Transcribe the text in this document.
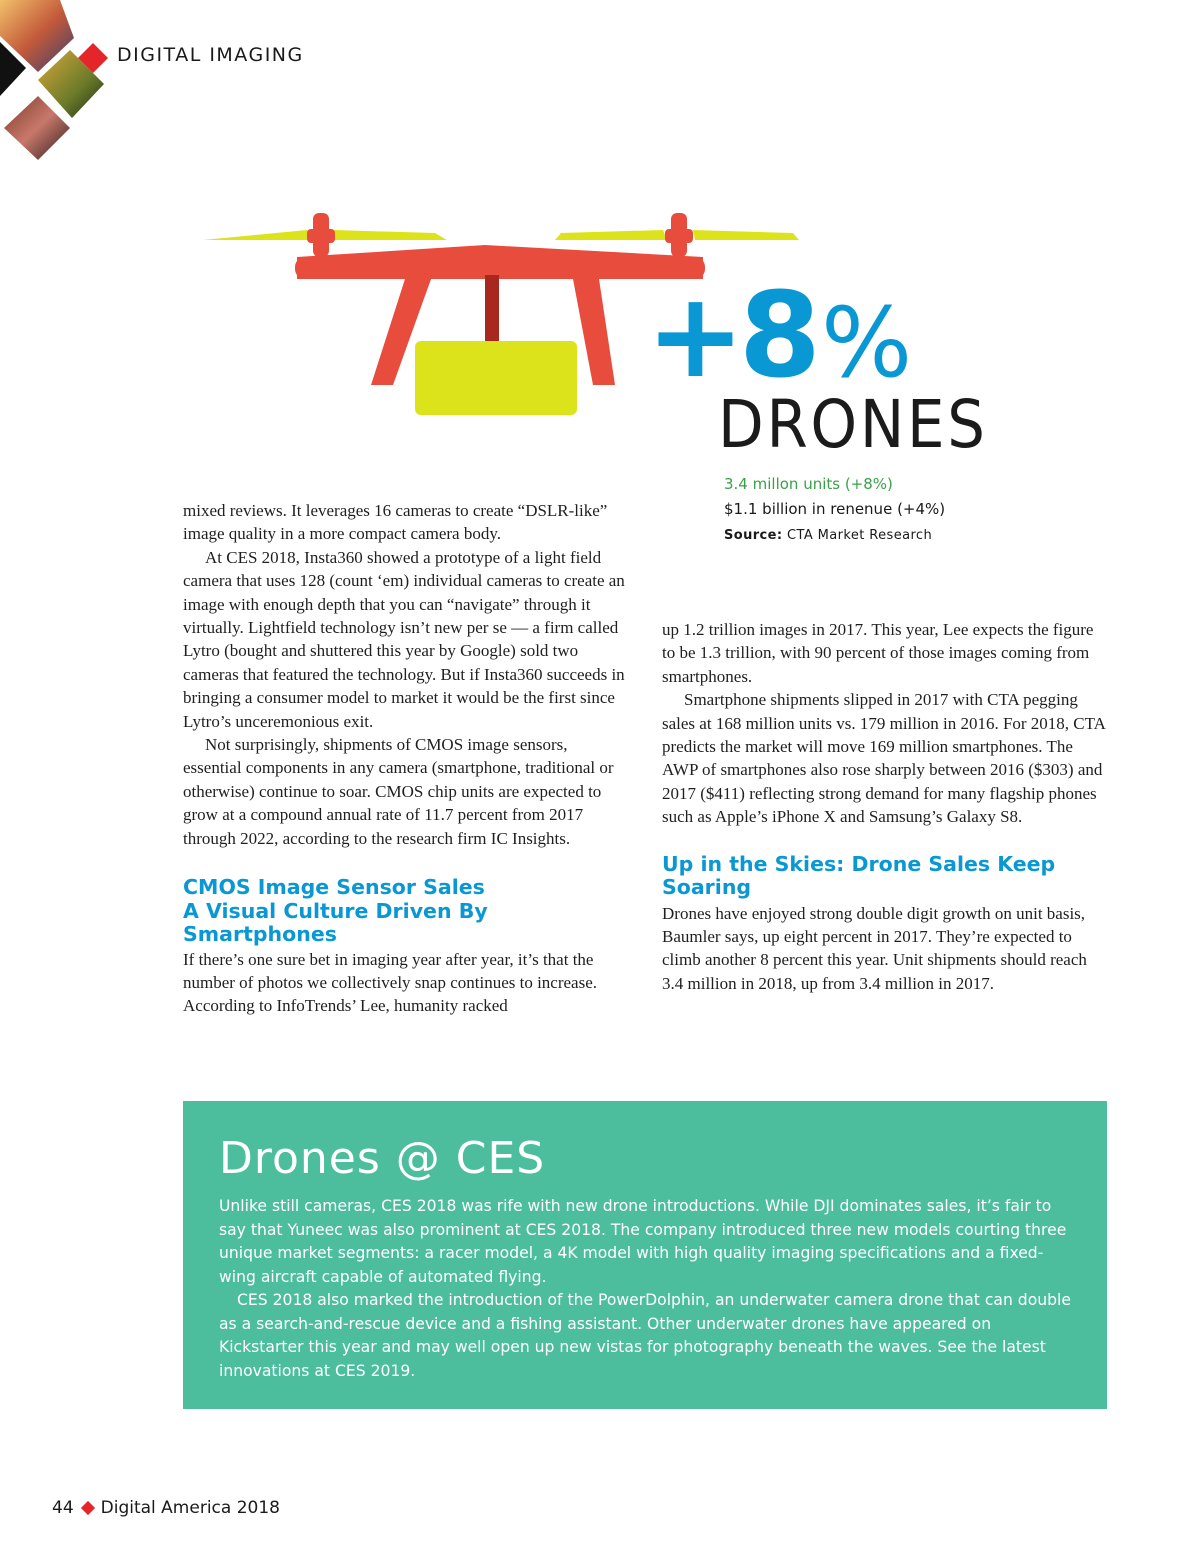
DIGITAL IMAGING
+8%
DRONES
3.4 millon units (+8%)
$1.1 billion in renenue (+4%)
Source: CTA Market Research

mixed reviews. It leverages 16 cameras to create “DSLR-like” image quality in a more compact camera body.

At CES 2018, Insta360 showed a prototype of a light field camera that uses 128 (count ‘em) individual cameras to create an image with enough depth that you can “navigate” through it virtually. Lightfield technology isn’t new per se — a firm called Lytro (bought and shuttered this year by Google) sold two cameras that featured the technology. But if Insta360 succeeds in bringing a consumer model to market it would be the first since Lytro’s unceremonious exit.

Not surprisingly, shipments of CMOS image sensors, essential components in any camera (smartphone, traditional or otherwise) continue to soar. CMOS chip units are expected to grow at a compound annual rate of 11.7 percent from 2017 through 2022, according to the research firm IC Insights.

CMOS Image Sensor Sales
A Visual Culture Driven By Smartphones

If there’s one sure bet in imaging year after year, it’s that the number of photos we collectively snap continues to increase. According to InfoTrends’ Lee, humanity racked

up 1.2 trillion images in 2017. This year, Lee expects the figure to be 1.3 trillion, with 90 percent of those images coming from smartphones.

Smartphone shipments slipped in 2017 with CTA pegging sales at 168 million units vs. 179 million in 2016. For 2018, CTA predicts the market will move 169 million smartphones. The AWP of smartphones also rose sharply between 2016 ($303) and 2017 ($411) reflecting strong demand for many flagship phones such as Apple’s iPhone X and Samsung’s Galaxy S8.

Up in the Skies: Drone Sales Keep
Soaring

Drones have enjoyed strong double digit growth on unit basis, Baumler says, up eight percent in 2017. They’re expected to climb another 8 percent this year. Unit shipments should reach 3.4 million in 2018, up from 3.4 million in 2017.

Drones @ CES

Unlike still cameras, CES 2018 was rife with new drone introductions. While DJI dominates sales, it’s fair to say that Yuneec was also prominent at CES 2018. The company introduced three new models courting three unique market segments: a racer model, a 4K model with high quality imaging specifications and a fixed-wing aircraft capable of automated flying.

CES 2018 also marked the introduction of the PowerDolphin, an underwater camera drone that can double as a search-and-rescue device and a fishing assistant. Other underwater drones have appeared on Kickstarter this year and may well open up new vistas for photography beneath the waves. See the latest innovations at CES 2019.

44 Digital America 2018
